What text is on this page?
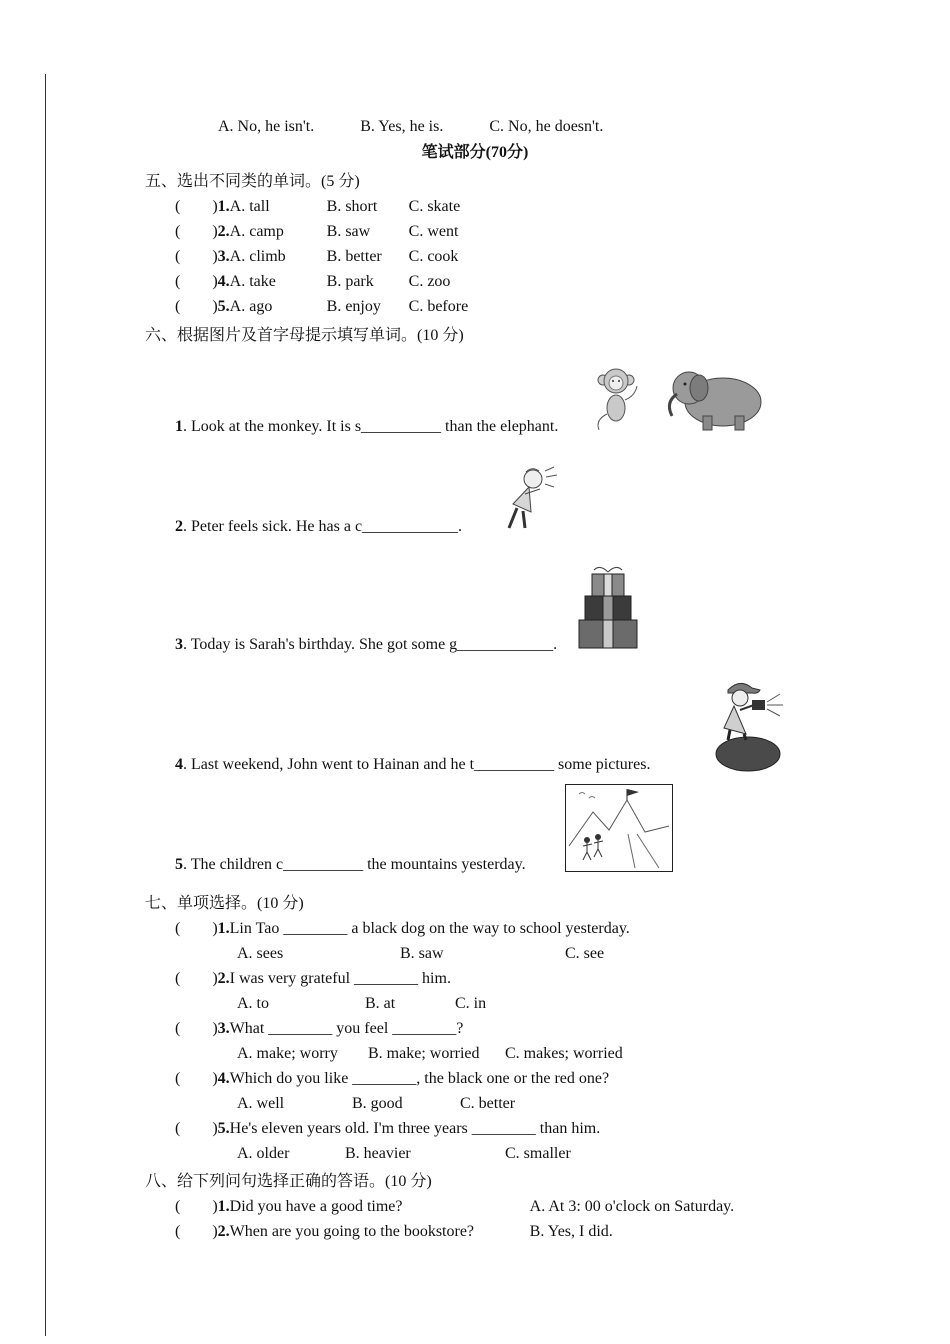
A. No, he isn't.	B. Yes, he is.	C. No, he doesn't.
笔试部分(70分)
五、选出不同类的单词。(5 分)
(        )1.A. tall	B. short C. skate
(        )2.A. camp	B. saw C. went
(        )3.A. climb	B. better C. cook
(        )4.A. take	B. park C. zoo
(        )5.A. ago	B. enjoy C. before
六、根据图片及首字母提示填写单词。(10 分)
1. Look at the monkey. It is s__________ than the elephant.
2. Peter feels sick. He has a c____________.
3. Today is Sarah's birthday. She got some g____________.
4. Last weekend, John went to Hainan and he t__________ some pictures.
5. The children c__________ the mountains yesterday.
七、单项选择。(10 分)
(        )1.Lin Tao ________ a black dog on the way to school yesterday.
A. sees	B. saw	C. see
(        )2.I was very grateful ________ him.
A. to	B. at	C. in
(        )3.What ________ you feel ________?
A. make; worry	B. make; worried	C. makes; worried
(        )4.Which do you like ________, the black one or the red one?
A. well	B. good	C. better
(        )5.He's eleven years old. I'm three years ________ than him.
A. older	B. heavier	C. smaller
八、给下列问句选择正确的答语。(10 分)
(        )1.Did you have a good time?	A. At 3: 00 o'clock on Saturday.
(        )2.When are you going to the bookstore?	B. Yes, I did.
